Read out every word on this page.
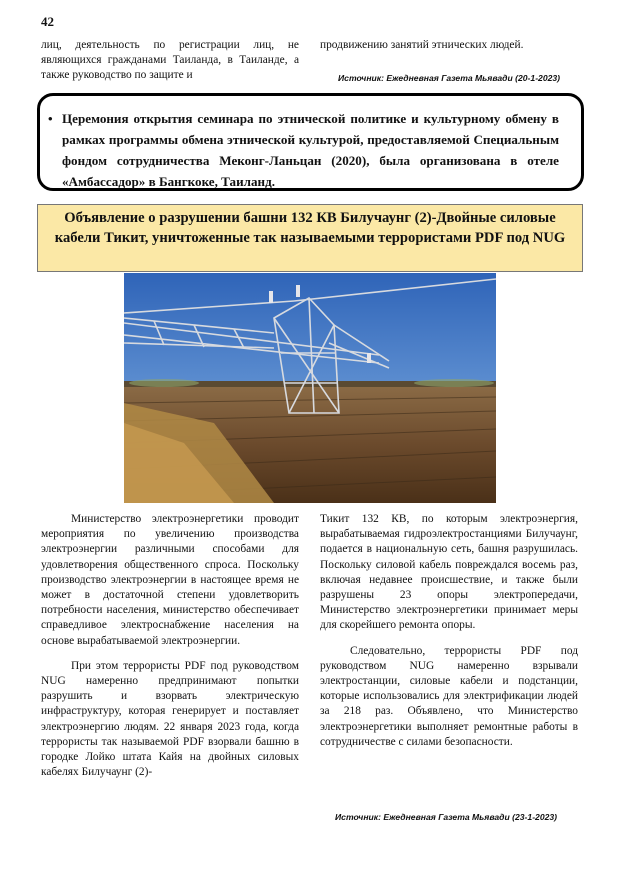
42

лиц, деятельность по регистрации лиц, не являющихся гражданами Таиланда, в Таиланде, а также руководство по защите и

продвижению занятий этнических людей.

Источник: Ежедневная Газета Мьявади (20-1-2023)
• Церемония открытия семинара по этнической политике и культурному обмену в рамках программы обмена этнической культурой, предоставляемой Специальным фондом сотрудничества Меконг-Ланьцан (2020), была организована в отеле «Амбассадор» в Бангкоке, Таиланд.
Объявление о разрушении башни 132 КВ Билучаунг (2)-Двойные силовые кабели Тикит, уничтоженные так называемыми террористами PDF под NUG

Министерство электроэнергетики проводит мероприятия по увеличению производства электроэнергии различными способами для удовлетворения общественного спроса. Поскольку производство электроэнергии в настоящее время не может в достаточной степени удовлетворить потребности населения, министерство обеспечивает справедливое электроснабжение населения на основе вырабатываемой электроэнергии.

При этом террористы PDF под руководством NUG намеренно предпринимают попытки разрушить и взорвать электрическую инфраструктуру, которая генерирует и поставляет электроэнергию людям. 22 января 2023 года, когда террористы так называемой PDF взорвали башню в городке Лойко штата Кайя на двойных силовых кабелях Билучаунг (2)-

Тикит 132 КВ, по которым электроэнергия, вырабатываемая гидроэлектростанциями Билучаунг, подается в национальную сеть, башня разрушилась. Поскольку силовой кабель повреждался восемь раз, включая недавнее происшествие, и также были разрушены 23 опоры электропередачи, Министерство электроэнергетики принимает меры для скорейшего ремонта опоры.

Следовательно, террористы PDF под руководством NUG намеренно взрывали электростанции, силовые кабели и подстанции, которые использовались для электрификации людей за 218 раз. Объявлено, что Министерство электроэнергетики выполняет ремонтные работы в сотрудничестве с силами безопасности.

Источник: Ежедневная Газета Мьявади (23-1-2023)
